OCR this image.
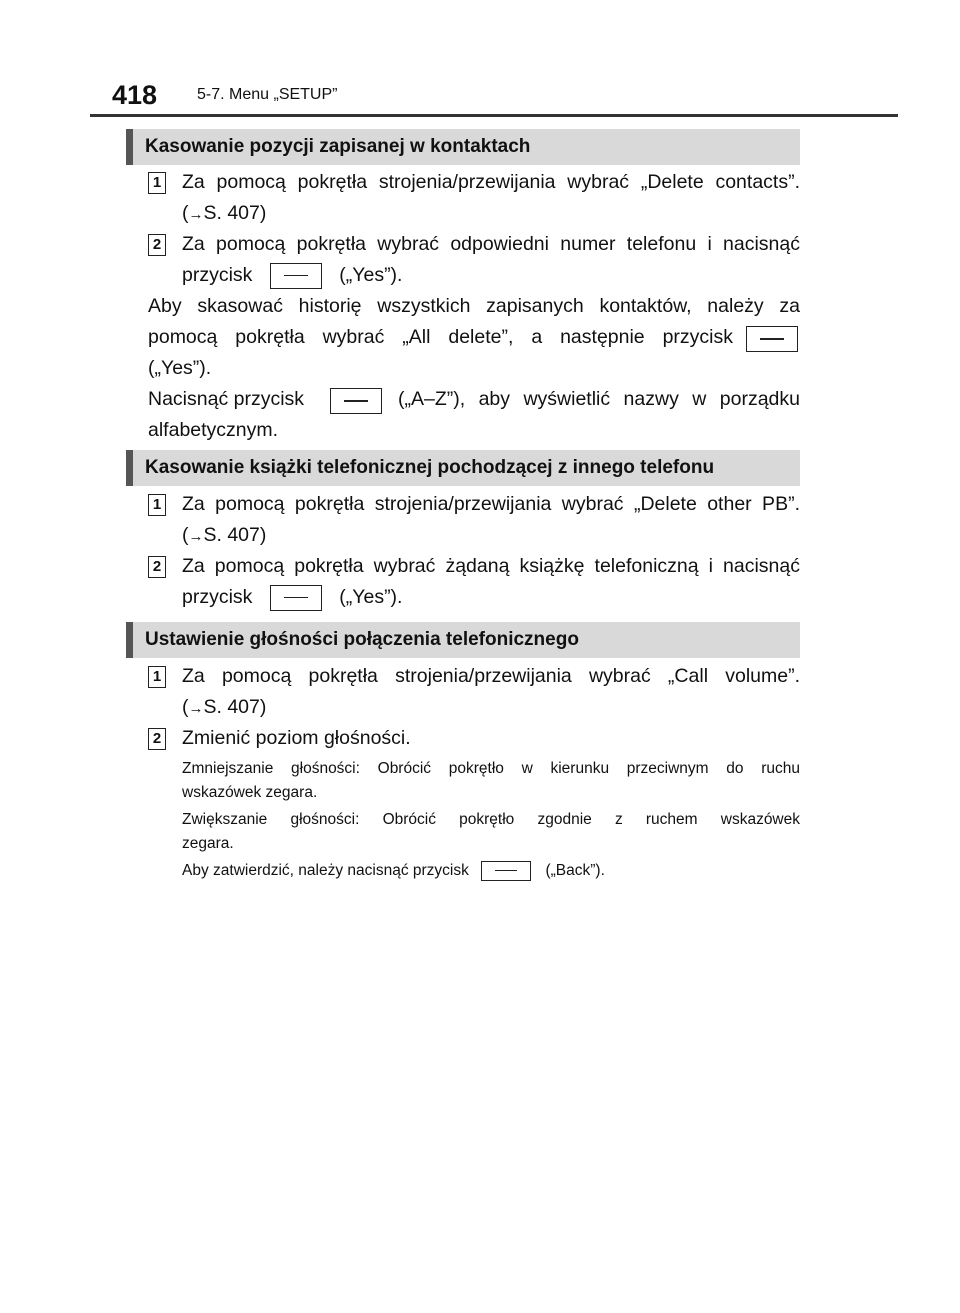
418 5-7. Menu „SETUP”
Kasowanie pozycji zapisanej w kontaktach
1 Za pomocą pokrętła strojenia/przewijania wybrać „Delete contacts”.
(→S. 407)
2 Za pomocą pokrętła wybrać odpowiedni numer telefonu i nacisnąć
przycisk	(„Yes”).
Aby skasować historię wszystkich zapisanych kontaktów, należy za
pomocą pokrętła wybrać „All delete”, a następnie przycisk
(„Yes”).
Nacisnąć przycisk	(„A–Z”), aby wyświetlić nazwy w porządku
alfabetycznym.
Kasowanie książki telefonicznej pochodzącej z innego telefonu
1 Za pomocą pokrętła strojenia/przewijania wybrać „Delete other PB”.
(→S. 407)
2 Za pomocą pokrętła wybrać żądaną książkę telefoniczną i nacisnąć
przycisk	(„Yes”).
Ustawienie głośności połączenia telefonicznego
1 Za pomocą pokrętła strojenia/przewijania wybrać „Call volume”.
(→S. 407)
2 Zmienić poziom głośności.
Zmniejszanie głośności: Obrócić pokrętło w kierunku przeciwnym do ruchu
wskazówek zegara.
Zwiększanie głośności: Obrócić pokrętło zgodnie z ruchem wskazówek
zegara.
Aby zatwierdzić, należy nacisnąć przycisk	(„Back”).
